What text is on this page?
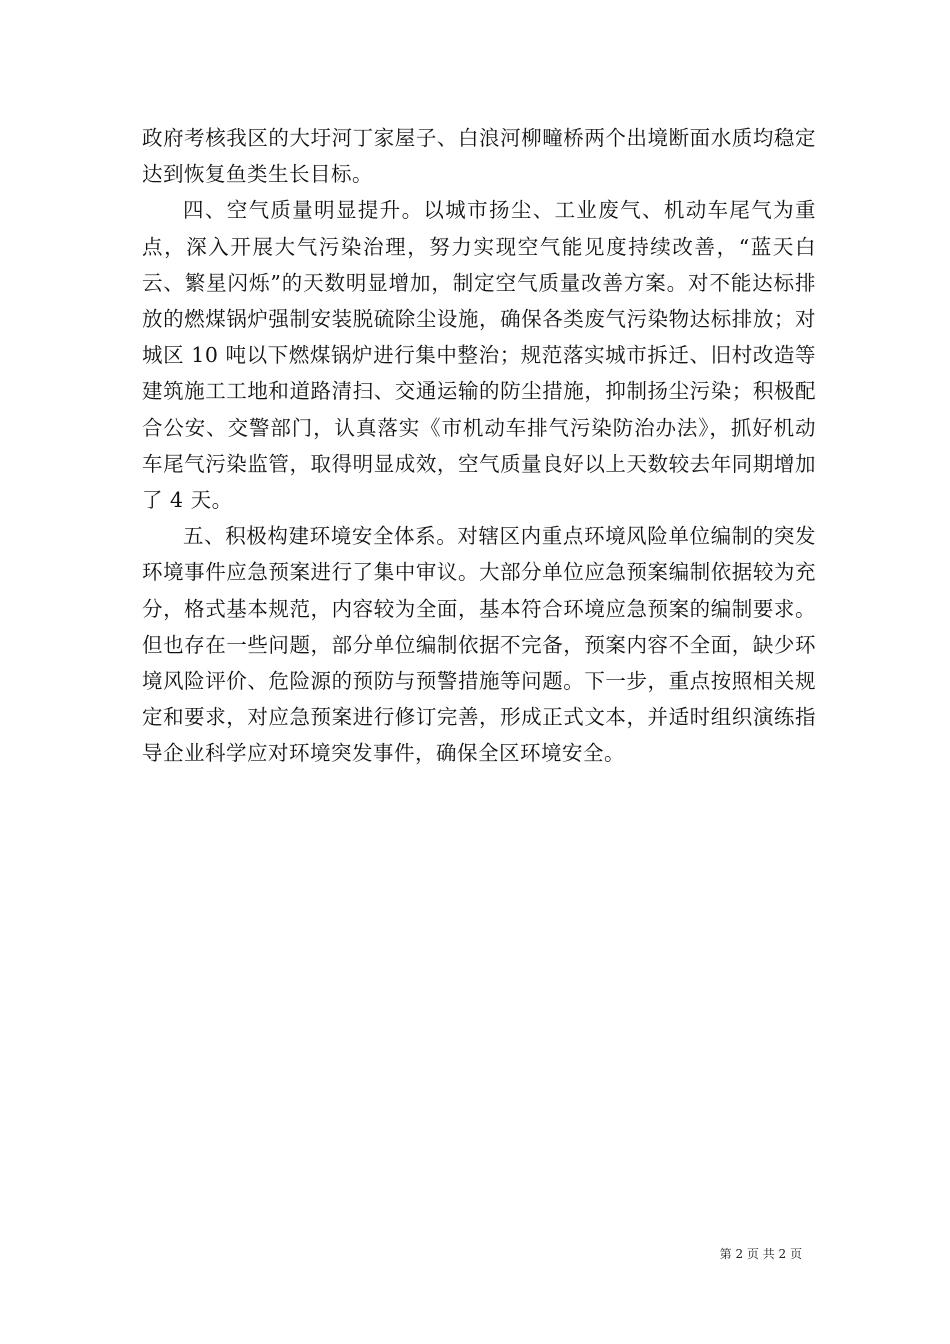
政府考核我区的大圩河丁家屋子、白浪河柳疃桥两个出境断面水质均稳定达到恢复鱼类生长目标。

四、空气质量明显提升。以城市扬尘、工业废气、机动车尾气为重点，深入开展大气污染治理，努力实现空气能见度持续改善，“蓝天白云、繁星闪烁”的天数明显增加，制定空气质量改善方案。对不能达标排放的燃煤锅炉强制安装脱硫除尘设施，确保各类废气污染物达标排放；对城区 10 吨以下燃煤锅炉进行集中整治；规范落实城市拆迁、旧村改造等建筑施工工地和道路清扫、交通运输的防尘措施，抑制扬尘污染；积极配合公安、交警部门，认真落实《市机动车排气污染防治办法》，抓好机动车尾气污染监管，取得明显成效，空气质量良好以上天数较去年同期增加了 4 天。

五、积极构建环境安全体系。对辖区内重点环境风险单位编制的突发环境事件应急预案进行了集中审议。大部分单位应急预案编制依据较为充分，格式基本规范，内容较为全面，基本符合环境应急预案的编制要求。但也存在一些问题，部分单位编制依据不完备，预案内容不全面，缺少环境风险评价、危险源的预防与预警措施等问题。下一步，重点按照相关规定和要求，对应急预案进行修订完善，形成正式文本，并适时组织演练指导企业科学应对环境突发事件，确保全区环境安全。

第 2 页 共 2 页
